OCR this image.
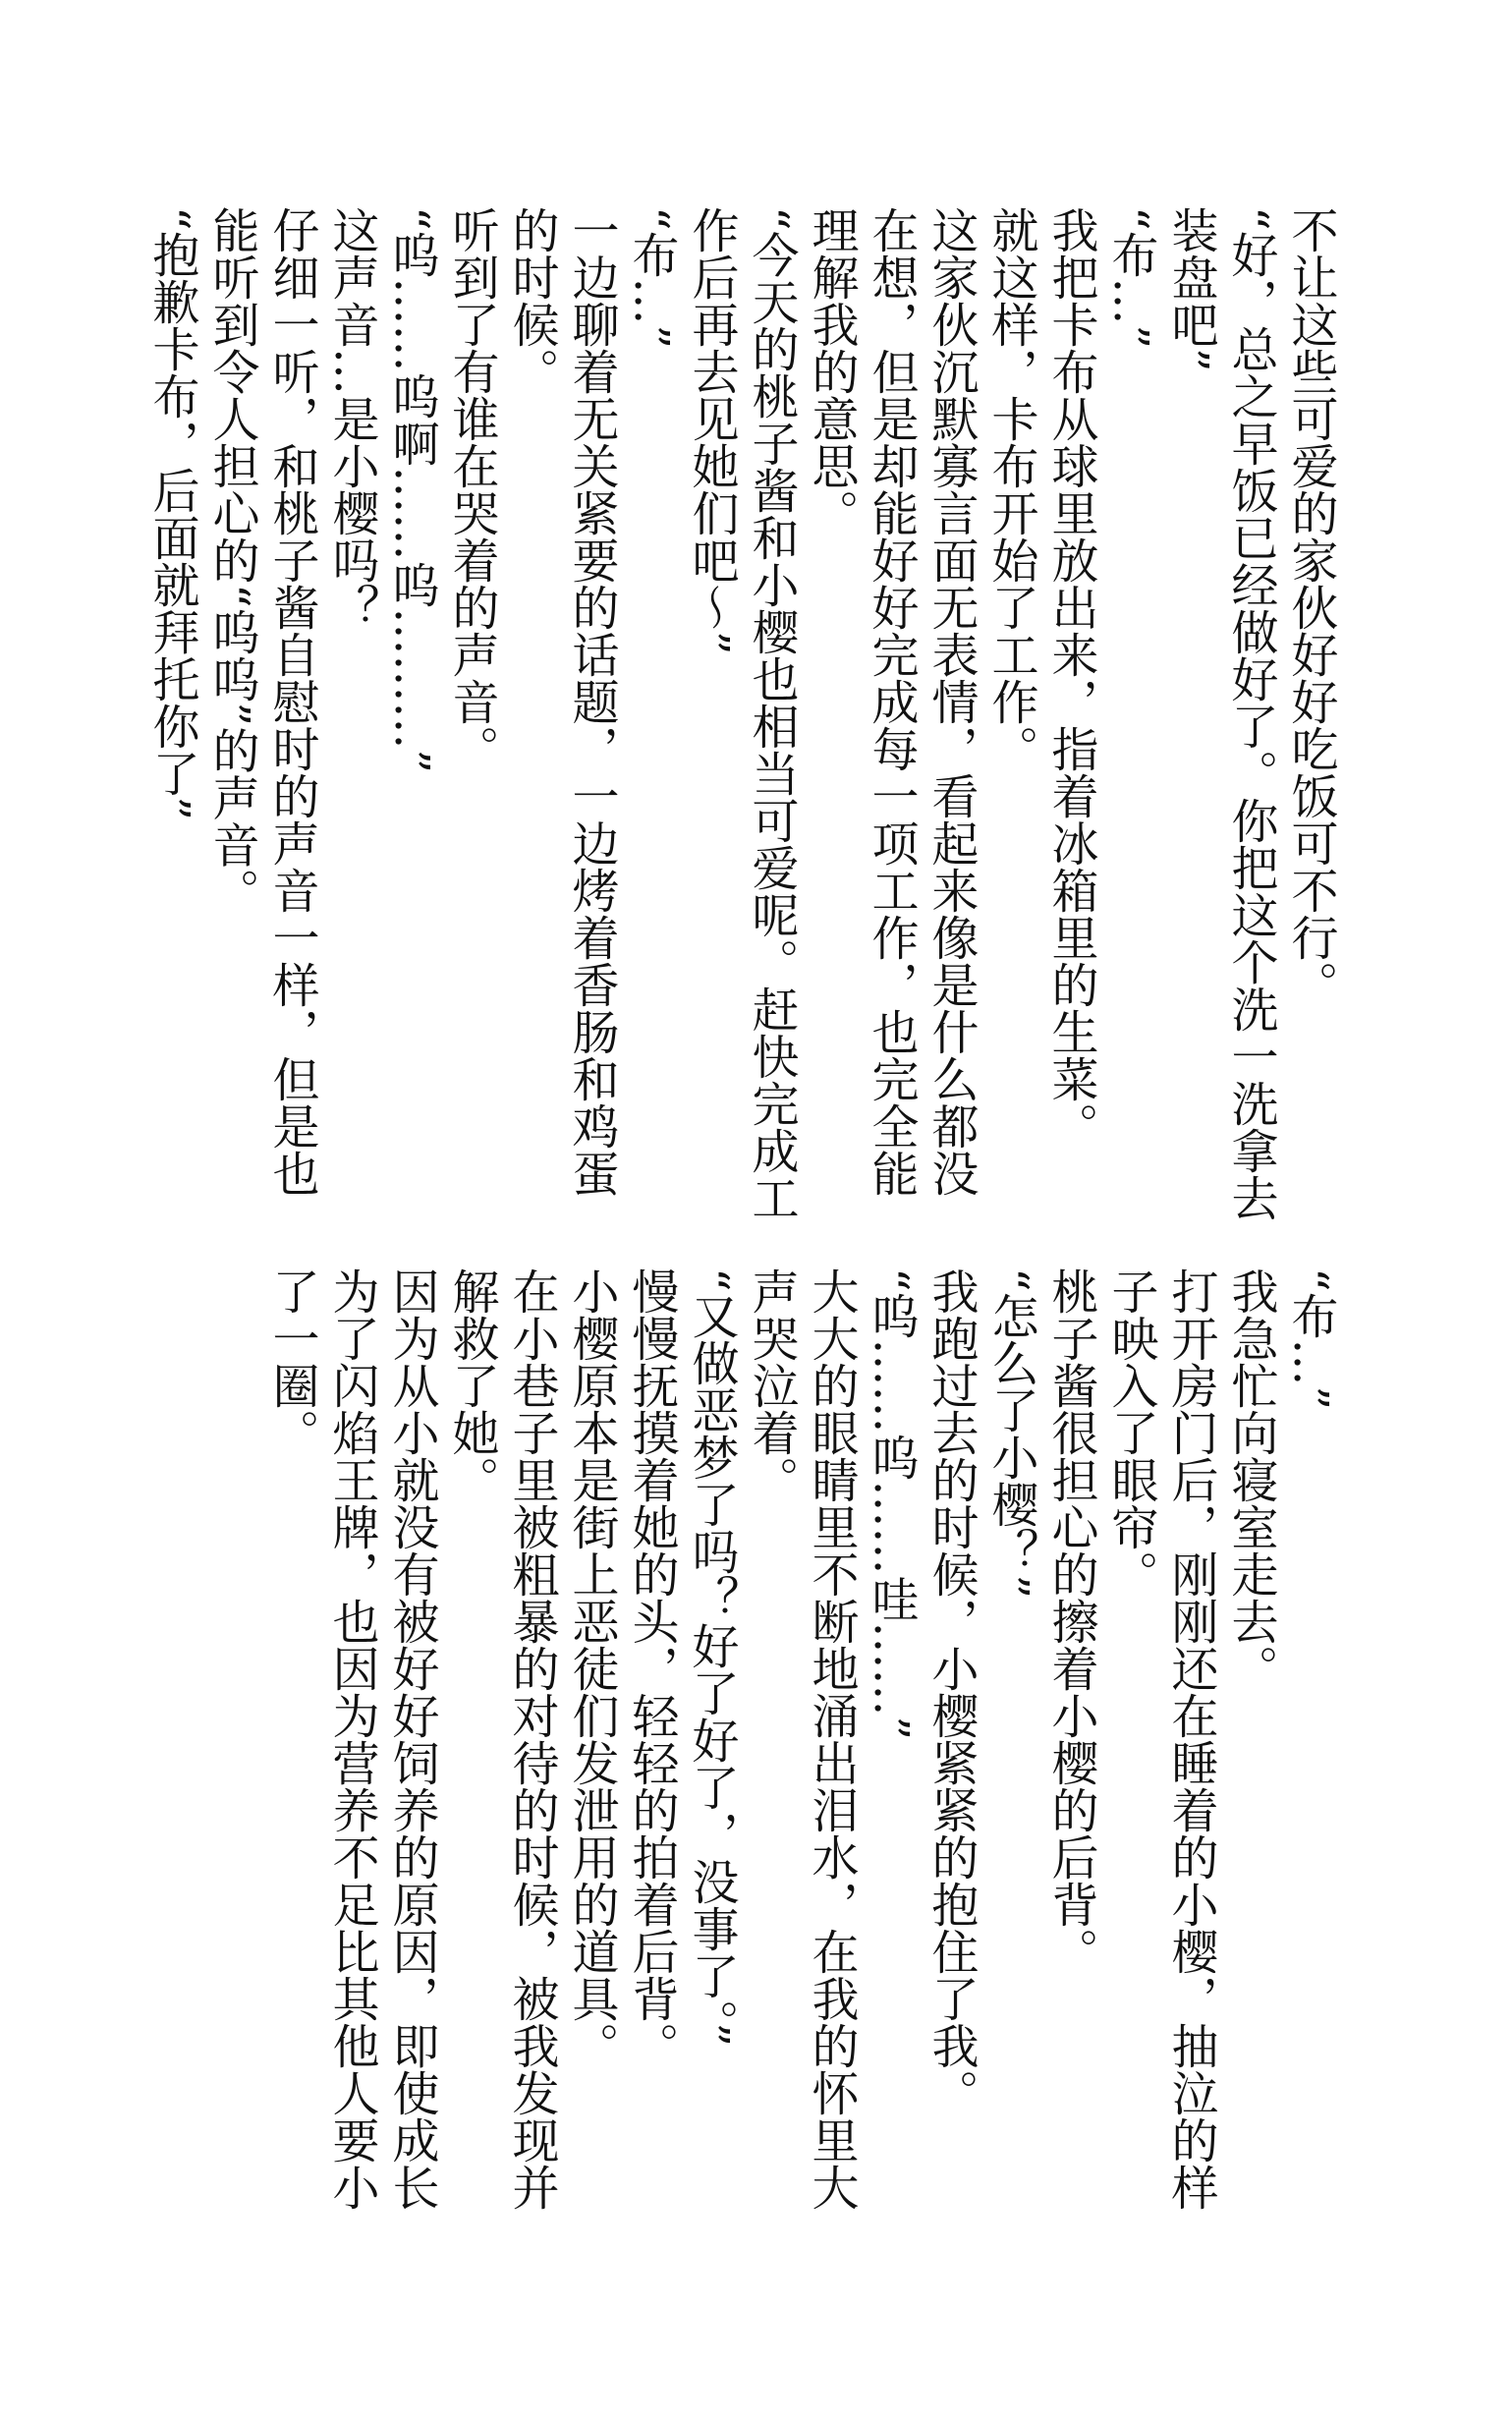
不让这些可爱的家伙好好吃饭可不行。

“好，总之早饭已经做好了。你把这个洗一洗拿去装盘吧”

“布…”

我把卡布从球里放出来，指着冰箱里的生菜。

就这样，卡布开始了工作。

这家伙沉默寡言面无表情，看起来像是什么都没在想，但是却能好好完成每一项工作，也完全能理解我的意思。

“今天的桃子酱和小樱也相当可爱呢。赶快完成工作后再去见她们吧～”

“布…”

一边聊着无关紧要的话题，一边烤着香肠和鸡蛋的时候。

听到了有谁在哭着的声音。

“呜……呜啊……呜………”

这声音…是小樱吗？

仔细一听，和桃子酱自慰时的声音一样，但是也能听到令人担心的“呜呜”的声音。

“抱歉卡布，后面就拜托你了”

“布…”

我急忙向寝室走去。

打开房门后，刚刚还在睡着的小樱，抽泣的样子映入了眼帘。

桃子酱很担心的擦着小樱的后背。

“怎么了小樱？”

我跑过去的时候，小樱紧紧的抱住了我。

“呜……呜……哇……”

大大的眼睛里不断地涌出泪水，在我的怀里大声哭泣着。

“又做恶梦了吗？好了好了，没事了。”

慢慢抚摸着她的头，轻轻的拍着后背。

小樱原本是街上恶徒们发泄用的道具。

在小巷子里被粗暴的对待的时候，被我发现并解救了她。

因为从小就没有被好好饲养的原因，即使成长为了闪焰王牌，也因为营养不足比其他人要小了一圈。
